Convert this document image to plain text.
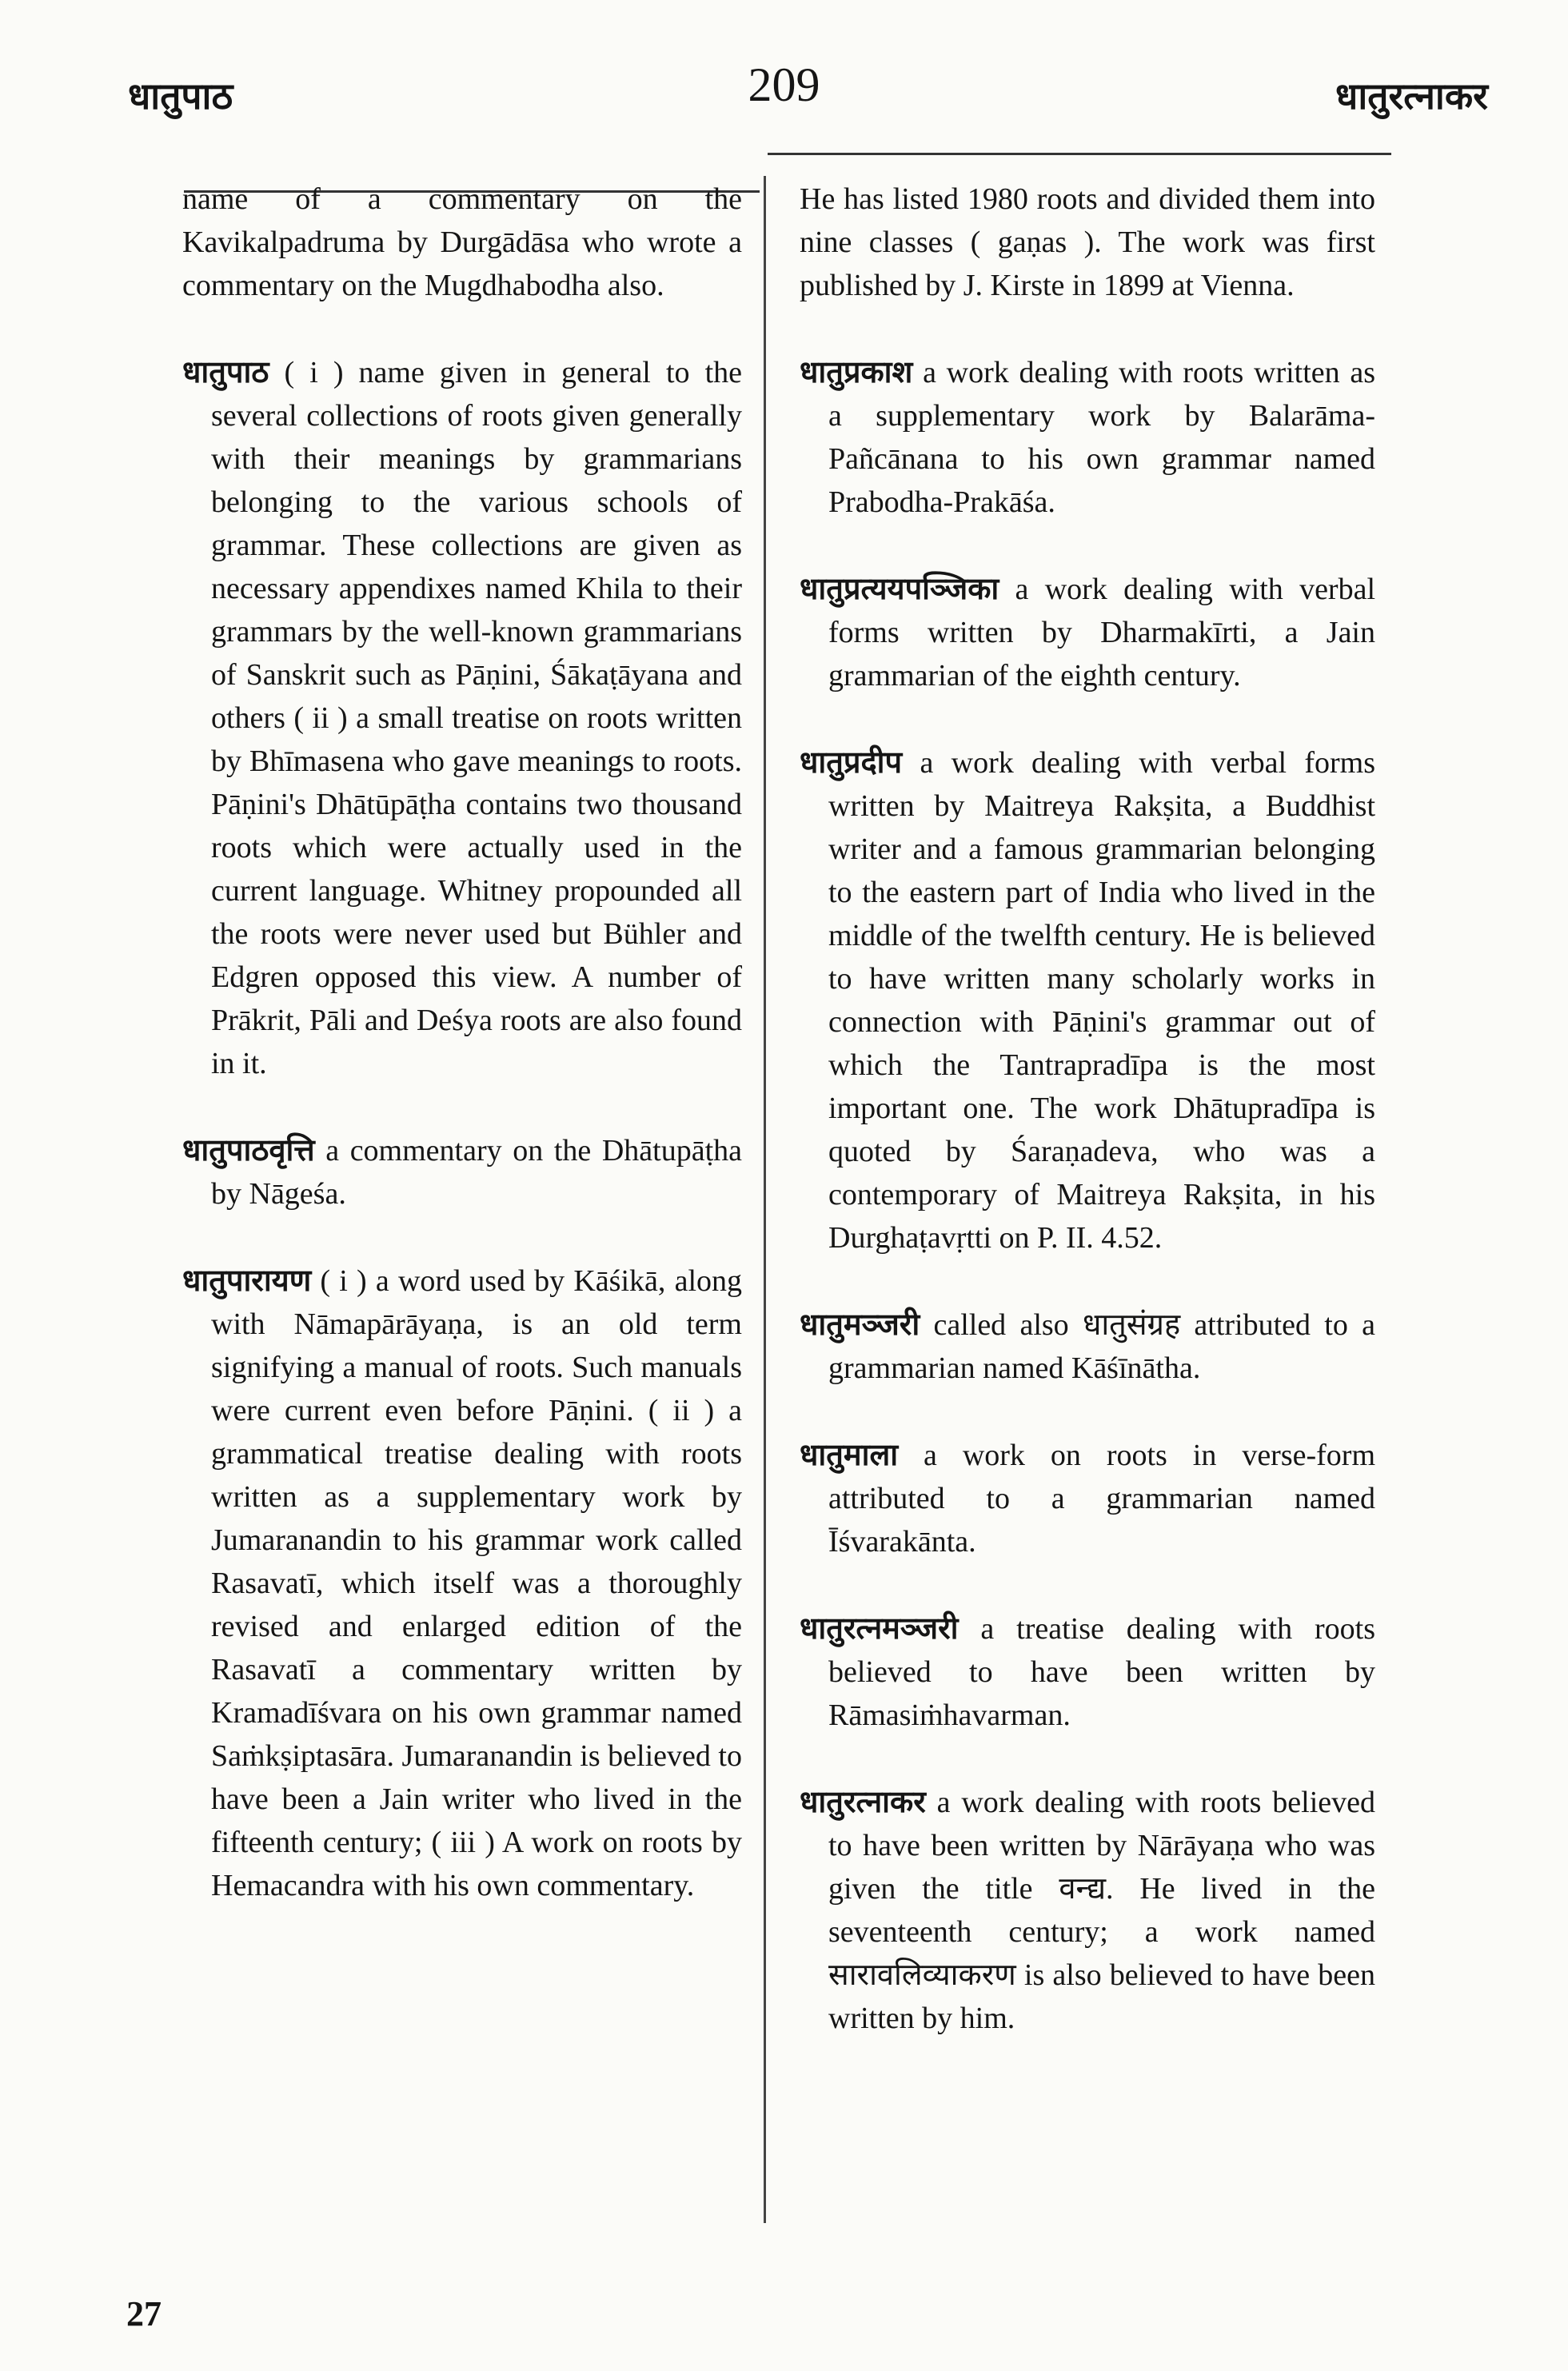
धातुपाठ	209	धातुरत्नाकर

name of a commentary on the Kavikalpadruma by Durgādāsa who wrote a commentary on the Mugdhabodha also.

धातुपाठ ( i ) name given in general to the several collections of roots given generally with their meanings by grammarians belonging to the various schools of grammar. These collections are given as necessary appendixes named Khila to their grammars by the well-known grammarians of Sanskrit such as Pāṇini, Śākaṭāyana and others ( ii ) a small treatise on roots written by Bhīmasena who gave meanings to roots. Pāṇini's Dhātūpāṭha contains two thousand roots which were actually used in the current language. Whitney propounded all the roots were never used but Bühler and Edgren opposed this view. A number of Prākrit, Pāli and Deśya roots are also found in it.

धातुपाठवृत्ति a commentary on the Dhātupāṭha by Nāgeśa.

धातुपारायण ( i ) a word used by Kāśikā, along with Nāmapārāyaṇa, is an old term signifying a manual of roots. Such manuals were current even before Pāṇini. ( ii ) a grammatical treatise dealing with roots written as a supplementary work by Jumaranandin to his grammar work called Rasavatī, which itself was a thoroughly revised and enlarged edition of the Rasavatī a commentary written by Kramadīśvara on his own grammar named Saṁkṣiptasāra. Jumaranandin is believed to have been a Jain writer who lived in the fifteenth century; ( iii ) A work on roots by Hemacandra with his own commentary.

He has listed 1980 roots and divided them into nine classes ( gaṇas ). The work was first published by J. Kirste in 1899 at Vienna.

धातुप्रकाश a work dealing with roots written as a supplementary work by Balarāma-Pañcānana to his own grammar named Prabodha-Prakāśa.

धातुप्रत्ययपञ्जिका a work dealing with verbal forms written by Dharmakīrti, a Jain grammarian of the eighth century.

धातुप्रदीप a work dealing with verbal forms written by Maitreya Rakṣita, a Buddhist writer and a famous grammarian belonging to the eastern part of India who lived in the middle of the twelfth century. He is believed to have written many scholarly works in connection with Pāṇini's grammar out of which the Tantrapradīpa is the most important one. The work Dhātupradīpa is quoted by Śaraṇadeva, who was a contemporary of Maitreya Rakṣita, in his Durghaṭavṛtti on P. II. 4.52.

धातुमञ्जरी called also धातुसंग्रह attributed to a grammarian named Kāśīnātha.

धातुमाला a work on roots in verse-form attributed to a grammarian named Īśvarakānta.

धातुरत्नमञ्जरी a treatise dealing with roots believed to have been written by Rāmasiṁhavarman.

धातुरत्नाकर a work dealing with roots believed to have been written by Nārāyaṇa who was given the title वन्द्य. He lived in the seventeenth century; a work named सारावलिव्याकरण is also believed to have been written by him.

27
